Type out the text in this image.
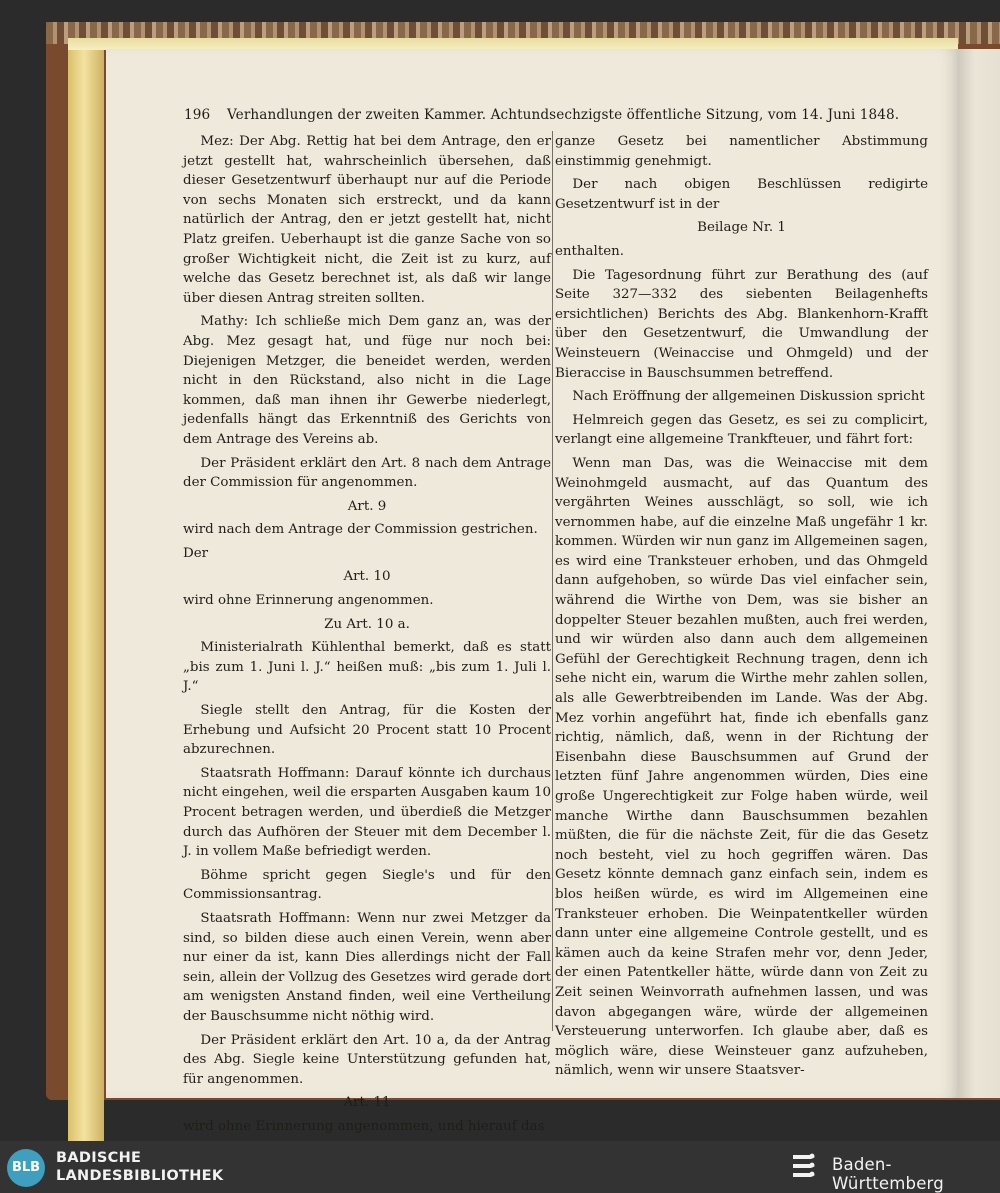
196 Verhandlungen der zweiten Kammer. Achtundsechzigste öffentliche Sitzung, vom 14. Juni 1848.

Mez: Der Abg. Rettig hat bei dem Antrage, den er jetzt gestellt hat, wahrscheinlich übersehen, daß dieser Gesetzentwurf überhaupt nur auf die Periode von sechs Monaten sich erstreckt, und da kann natürlich der Antrag, den er jetzt gestellt hat, nicht Platz greifen. Ueberhaupt ist die ganze Sache von so großer Wichtigkeit nicht, die Zeit ist zu kurz, auf welche das Gesetz berechnet ist, als daß wir lange über diesen Antrag streiten sollten.

Mathy: Ich schließe mich Dem ganz an, was der Abg. Mez gesagt hat, und füge nur noch bei: Diejenigen Metzger, die beneidet werden, werden nicht in den Rückstand, also nicht in die Lage kommen, daß man ihnen ihr Gewerbe niederlegt, jedenfalls hängt das Erkenntniß des Gerichts von dem Antrage des Vereins ab.

Der Präsident erklärt den Art. 8 nach dem Antrage der Commission für angenommen.

Art. 9

wird nach dem Antrage der Commission gestrichen.

Der

Art. 10

wird ohne Erinnerung angenommen.

Zu Art. 10 a.

Ministerialrath Kühlenthal bemerkt, daß es statt „bis zum 1. Juni l. J.“ heißen muß: „bis zum 1. Juli l. J.“

Siegle stellt den Antrag, für die Kosten der Erhebung und Aufsicht 20 Procent statt 10 Procent abzurechnen.

Staatsrath Hoffmann: Darauf könnte ich durchaus nicht eingehen, weil die ersparten Ausgaben kaum 10 Procent betragen werden, und überdieß die Metzger durch das Aufhören der Steuer mit dem December l. J. in vollem Maße befriedigt werden.

Böhme spricht gegen Siegle's und für den Commissionsantrag.

Staatsrath Hoffmann: Wenn nur zwei Metzger da sind, so bilden diese auch einen Verein, wenn aber nur einer da ist, kann Dies allerdings nicht der Fall sein, allein der Vollzug des Gesetzes wird gerade dort am wenigsten Anstand finden, weil eine Vertheilung der Bauschsumme nicht nöthig wird.

Der Präsident erklärt den Art. 10 a, da der Antrag des Abg. Siegle keine Unterstützung gefunden hat, für angenommen.

Art. 11

wird ohne Erinnerung angenommen, und hierauf das

ganze Gesetz bei namentlicher Abstimmung einstimmig genehmigt.

Der nach obigen Beschlüssen redigirte Gesetzentwurf ist in der

Beilage Nr. 1

enthalten.

Die Tagesordnung führt zur Berathung des (auf Seite 327—332 des siebenten Beilagenhefts ersichtlichen) Berichts des Abg. Blankenhorn-Krafft über den Gesetzentwurf, die Umwandlung der Weinsteuern (Weinaccise und Ohmgeld) und der Bieraccise in Bauschsummen betreffend.

Nach Eröffnung der allgemeinen Diskussion spricht

Helmreich gegen das Gesetz, es sei zu complicirt, verlangt eine allgemeine Trankfteuer, und fährt fort:

Wenn man Das, was die Weinaccise mit dem Weinohmgeld ausmacht, auf das Quantum des vergährten Weines ausschlägt, so soll, wie ich vernommen habe, auf die einzelne Maß ungefähr 1 kr. kommen. Würden wir nun ganz im Allgemeinen sagen, es wird eine Tranksteuer erhoben, und das Ohmgeld dann aufgehoben, so würde Das viel einfacher sein, während die Wirthe von Dem, was sie bisher an doppelter Steuer bezahlen mußten, auch frei werden, und wir würden also dann auch dem allgemeinen Gefühl der Gerechtigkeit Rechnung tragen, denn ich sehe nicht ein, warum die Wirthe mehr zahlen sollen, als alle Gewerbtreibenden im Lande. Was der Abg. Mez vorhin angeführt hat, finde ich ebenfalls ganz richtig, nämlich, daß, wenn in der Richtung der Eisenbahn diese Bauschsummen auf Grund der letzten fünf Jahre angenommen würden, Dies eine große Ungerechtigkeit zur Folge haben würde, weil manche Wirthe dann Bauschsummen bezahlen müßten, die für die nächste Zeit, für die das Gesetz noch besteht, viel zu hoch gegriffen wären. Das Gesetz könnte demnach ganz einfach sein, indem es blos heißen würde, es wird im Allgemeinen eine Tranksteuer erhoben. Die Weinpatentkeller würden dann unter eine allgemeine Controle gestellt, und es kämen auch da keine Strafen mehr vor, denn Jeder, der einen Patentkeller hätte, würde dann von Zeit zu Zeit seinen Weinvorrath aufnehmen lassen, und was davon abgegangen wäre, würde der allgemeinen Versteuerung unterworfen. Ich glaube aber, daß es möglich wäre, diese Weinsteuer ganz aufzuheben, nämlich, wenn wir unsere Staatsver-

BLB
BADISCHE
LANDESBIBLIOTHEK
Baden-Württemberg
